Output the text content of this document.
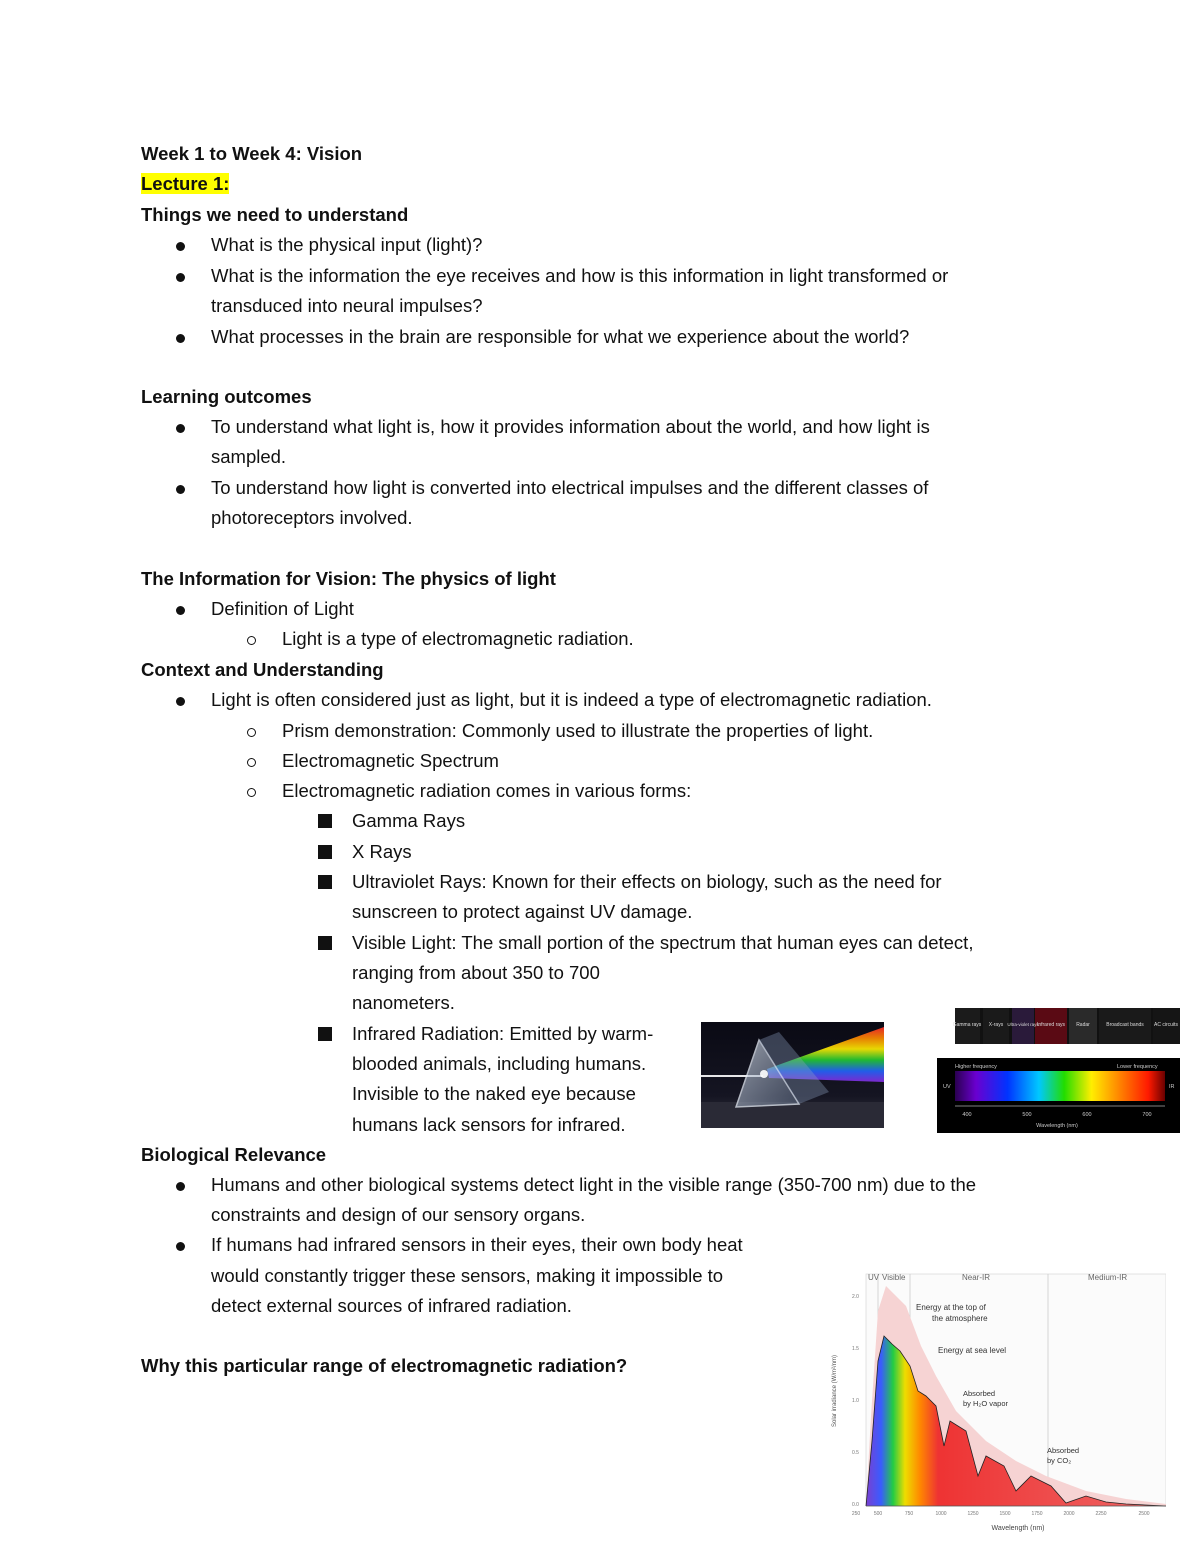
Week 1 to Week 4: Vision
Lecture 1:
Things we need to understand
What is the physical input (light)?
What is the information the eye receives and how is this information in light transformed or
transduced into neural impulses?
What processes in the brain are responsible for what we experience about the world?
Learning outcomes
To understand what light is, how it provides information about the world, and how light is
sampled.
To understand how light is converted into electrical impulses and the different classes of
photoreceptors involved.
The Information for Vision: The physics of light
Definition of Light
Light is a type of electromagnetic radiation.
Context and Understanding
Light is often considered just as light, but it is indeed a type of electromagnetic radiation.
Prism demonstration: Commonly used to illustrate the properties of light.
Electromagnetic Spectrum
Electromagnetic radiation comes in various forms:
Gamma Rays
X Rays
Ultraviolet Rays: Known for their effects on biology, such as the need for
sunscreen to protect against UV damage.
Visible Light: The small portion of the spectrum that human eyes can detect,
ranging from about 350 to 700
nanometers.
Infrared Radiation: Emitted by warm-
blooded animals, including humans.
Invisible to the naked eye because
humans lack sensors for infrared.
Biological Relevance
Humans and other biological systems detect light in the visible range (350-700 nm) due to the
constraints and design of our sensory organs.
If humans had infrared sensors in their eyes, their own body heat
would constantly trigger these sensors, making it impossible to
detect external sources of infrared radiation.
Why this particular range of electromagnetic radiation?
Gamma rays X-rays Ultra-violet rays
Infrared rays Radar	Broadcast bands AC circuits
Higher frequency	Lower frequency
UV	IR
400	500	600	700
Wavelength (nm)
UV Visible	Near-IR	Medium-IR
Energy at the top of
the atmosphere
Energy at sea level
Absorbed
by H₂O vapor
Absorbed
by CO₂
Solar irradiance (W/m²/nm)
2.0
1.5
1.0
0.5
0.0
250	500	750	1000	1250	1500	1750	2000	2250	2500
Wavelength (nm)
